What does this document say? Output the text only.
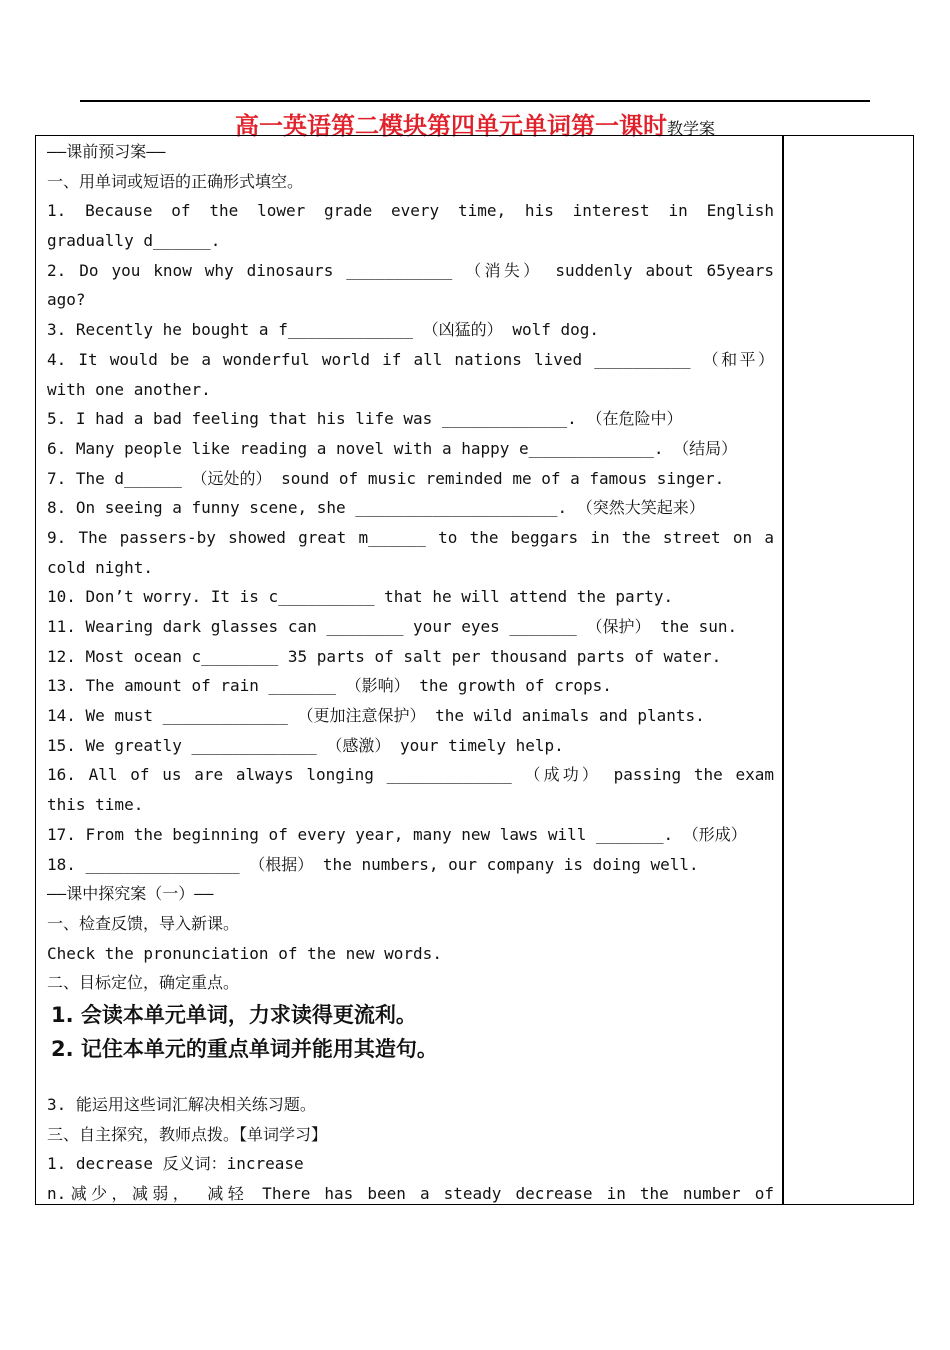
高一英语第二模块第四单元单词第一课时教学案
——课前预习案——
一、用单词或短语的正确形式填空。
1. Because of the lower grade every time, his interest in English
gradually d______.
2. Do you know why dinosaurs ___________ （消失） suddenly about 65years
ago?
3. Recently he bought a f_____________ （凶猛的） wolf dog.
4. It would be a wonderful world if all nations lived __________ （和平）
with one another.
5. I had a bad feeling that his life was _____________. （在危险中）
6. Many people like reading a novel with a happy e_____________. （结局）
7. The d______ （远处的） sound of music reminded me of a famous singer.
8. On seeing a funny scene, she _____________________. （突然大笑起来）
9. The passers-by showed great m______ to the beggars in the street on a
cold night.
10. Don’t worry. It is c__________ that he will attend the party.
11. Wearing dark glasses can ________ your eyes _______ （保护） the sun.
12. Most ocean c________ 35 parts of salt per thousand parts of water.
13. The amount of rain _______ （影响） the growth of crops.
14. We must _____________ （更加注意保护） the wild animals and plants.
15. We greatly _____________ （感激） your timely help.
16. All of us are always longing _____________ （成功） passing the exam
this time.
17. From the beginning of every year, many new laws will _______. （形成）
18. ________________ （根据） the numbers, our company is doing well.
——课中探究案（一）——
一、检查反馈，导入新课。
Check the pronunciation of the new words.
二、目标定位，确定重点。
1. 会读本单元单词，力求读得更流利。
2. 记住本单元的重点单词并能用其造句。
3. 能运用这些词汇解决相关练习题。
三、自主探究，教师点拨。【单词学习】
1. decrease 反义词：increase
n.减少，减弱， 减轻 There has been a steady decrease in the number of
